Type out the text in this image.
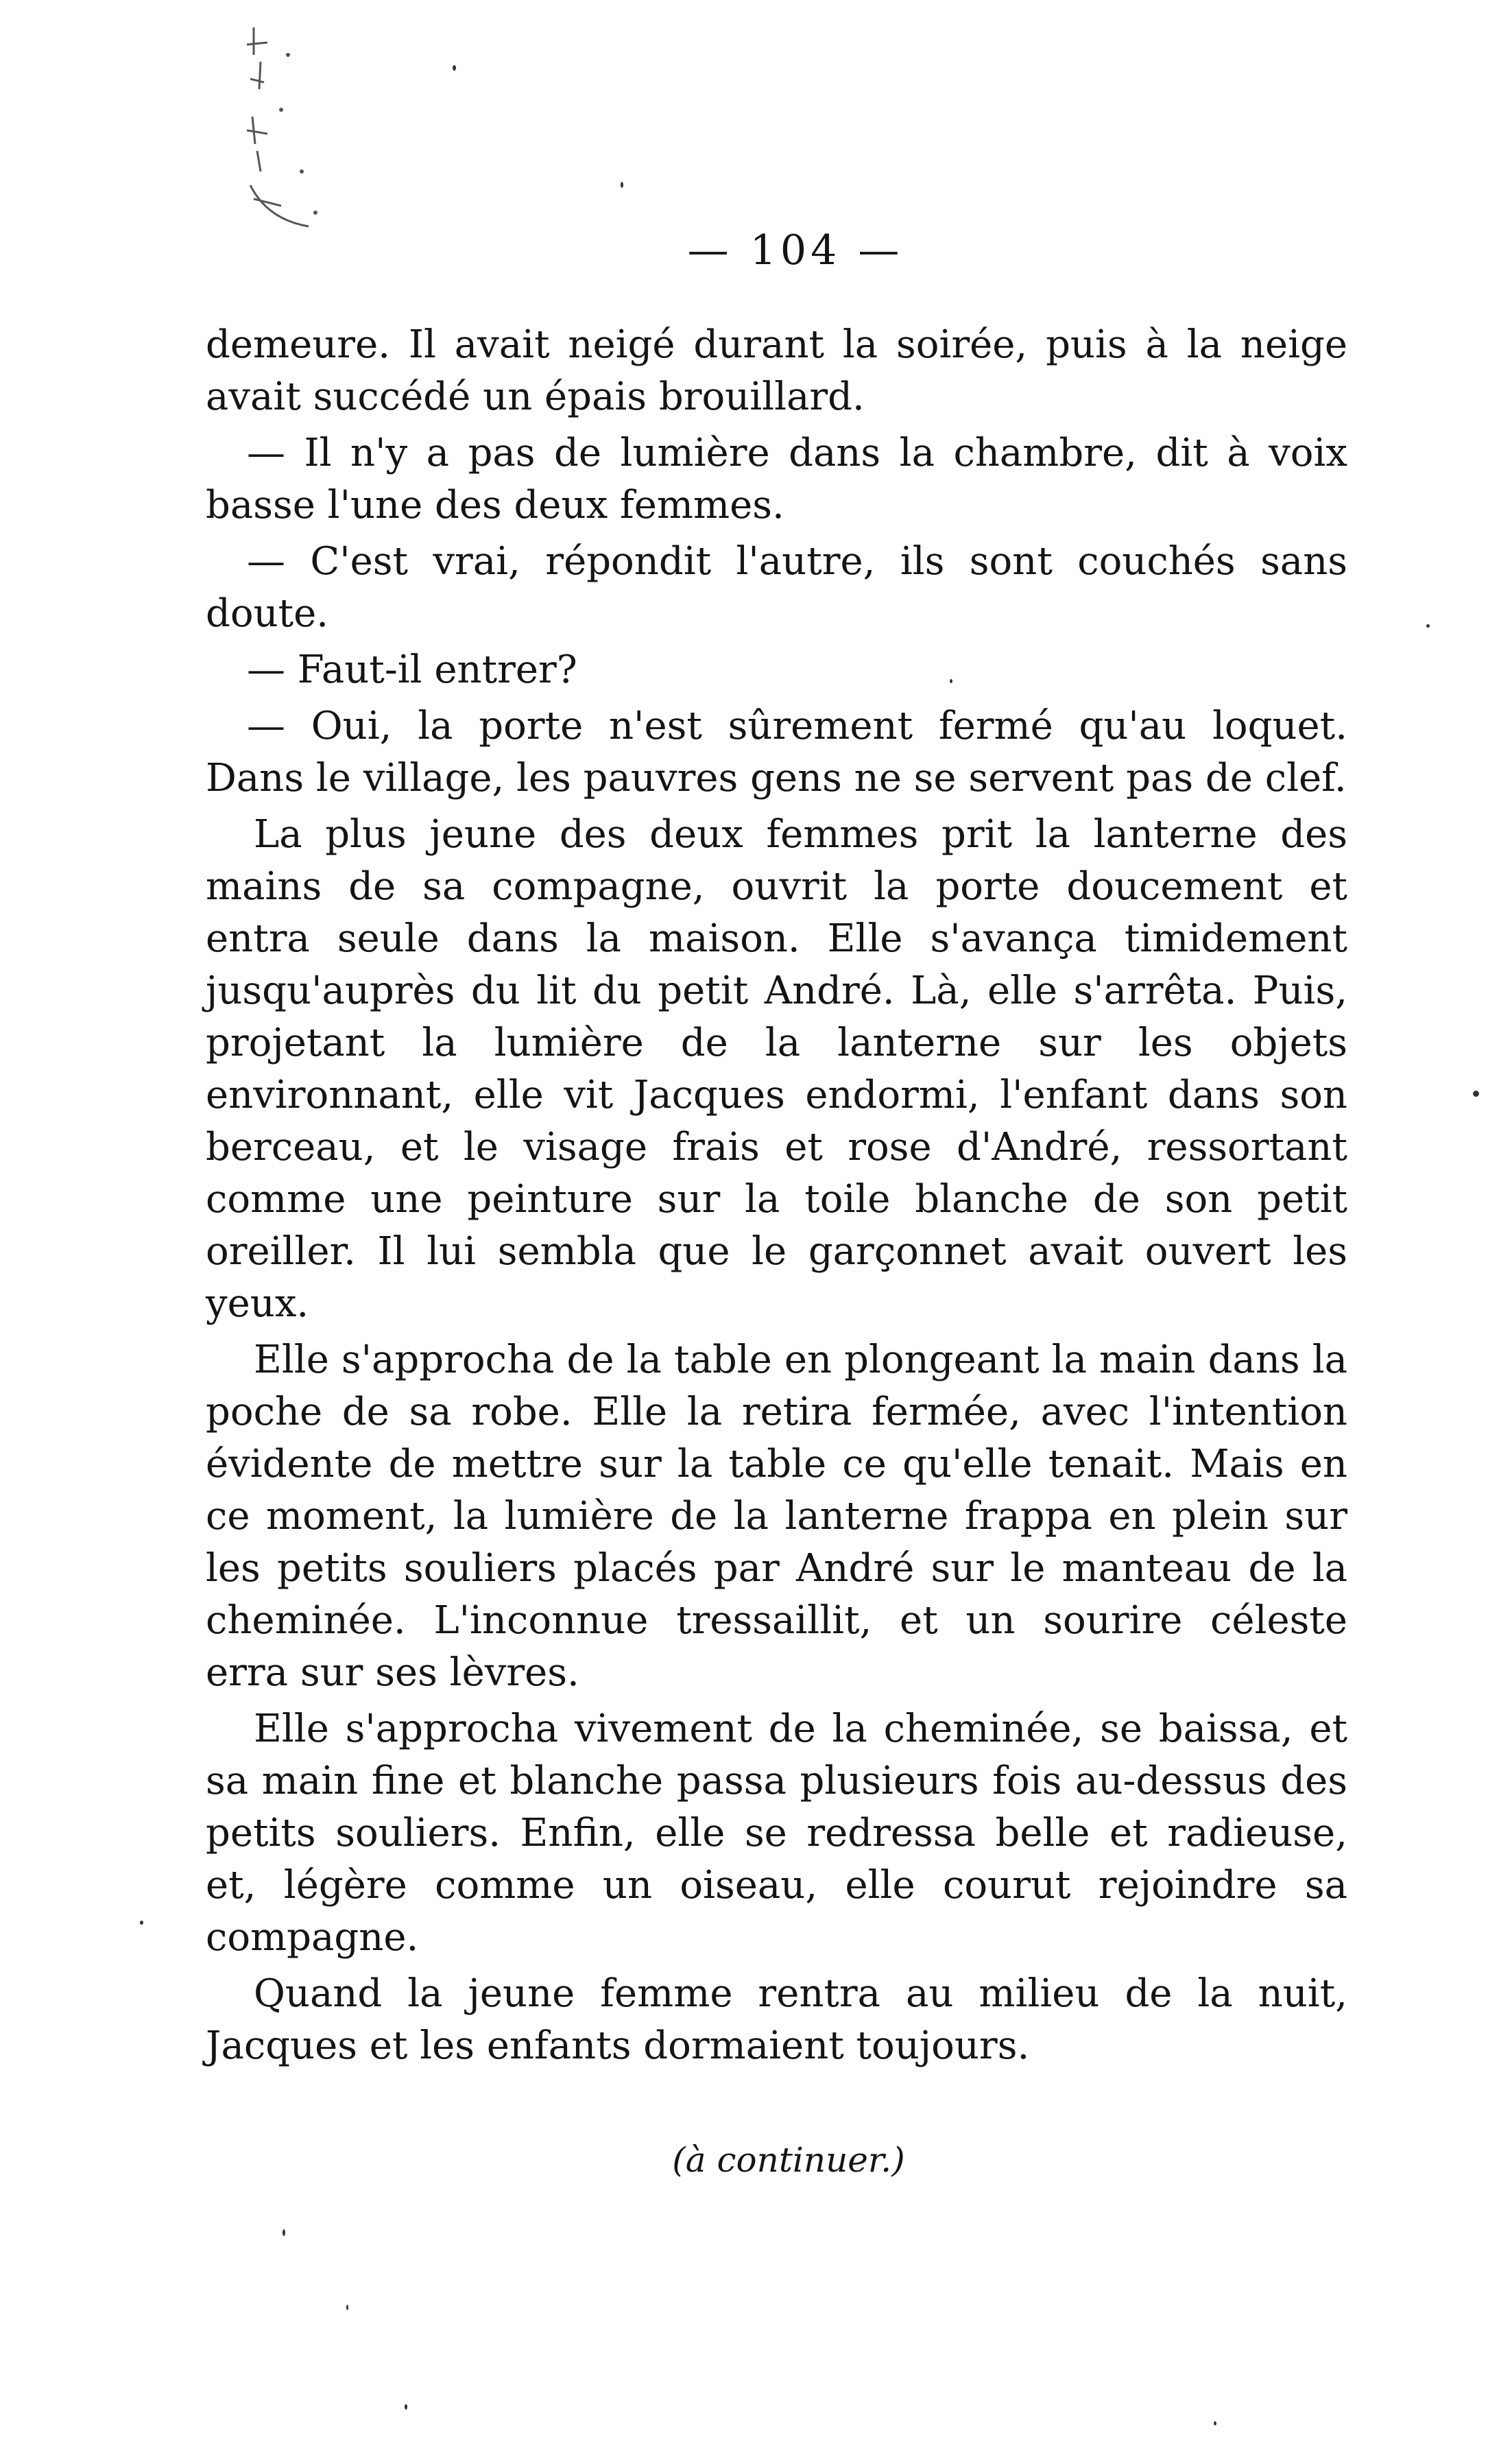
— 104 —

demeure. Il avait neigé durant la soirée, puis à la neige avait succédé un épais brouillard.

— Il n'y a pas de lumière dans la chambre, dit à voix basse l'une des deux femmes.

— C'est vrai, répondit l'autre, ils sont couchés sans doute.

— Faut-il entrer?

— Oui, la porte n'est sûrement fermé qu'au loquet. Dans le village, les pauvres gens ne se servent pas de clef.

La plus jeune des deux femmes prit la lanterne des mains de sa compagne, ouvrit la porte doucement et entra seule dans la maison. Elle s'avança timidement jusqu'auprès du lit du petit André. Là, elle s'arrêta. Puis, projetant la lumière de la lanterne sur les objets environnant, elle vit Jacques endormi, l'enfant dans son berceau, et le visage frais et rose d'André, ressortant comme une peinture sur la toile blanche de son petit oreiller. Il lui sembla que le garçonnet avait ouvert les yeux.

Elle s'approcha de la table en plongeant la main dans la poche de sa robe. Elle la retira fermée, avec l'intention évidente de mettre sur la table ce qu'elle tenait. Mais en ce moment, la lumière de la lanterne frappa en plein sur les petits souliers placés par André sur le manteau de la cheminée. L'inconnue tressaillit, et un sourire céleste erra sur ses lèvres.

Elle s'approcha vivement de la cheminée, se baissa, et sa main fine et blanche passa plusieurs fois au-dessus des petits souliers. Enfin, elle se redressa belle et radieuse, et, légère comme un oiseau, elle courut rejoindre sa compagne.

Quand la jeune femme rentra au milieu de la nuit, Jacques et les enfants dormaient toujours.

(à continuer.)
